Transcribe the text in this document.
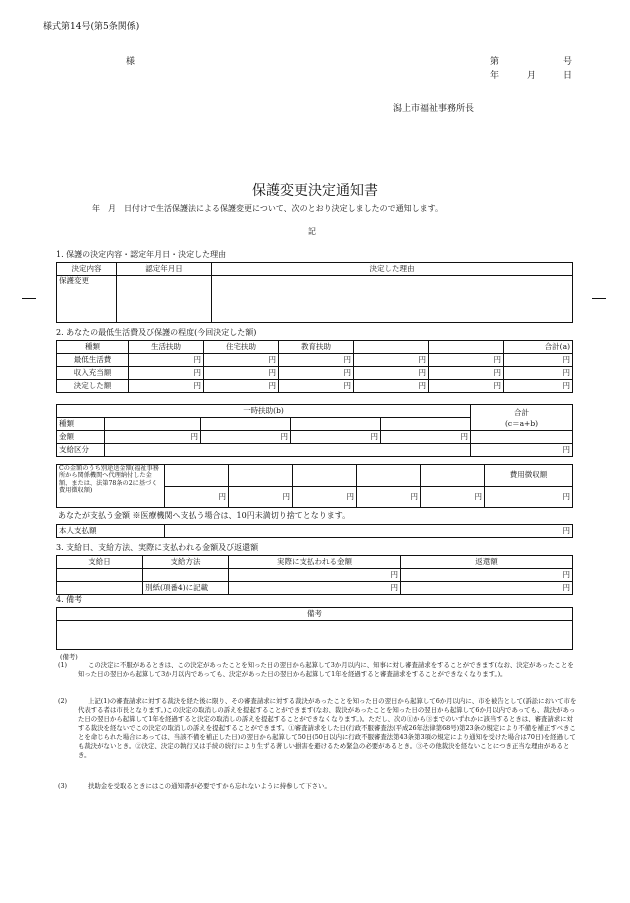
様式第14号(第5条関係)
様	第	号
年	月	日
潟上市福祉事務所長
保護変更決定通知書
年　月　日付けで生活保護法による保護変更について、次のとおり決定しましたので通知します。
記
1. 保護の決定内容・認定年月日・決定した理由
決定内容	認定年月日	決定した理由
保護変更		
2. あなたの最低生活費及び保護の程度(今回決定した額)
種類	生活扶助	住宅扶助	教育扶助			合計(a)
最低生活費	円	円	円	円	円	円
収入充当額	円	円	円	円	円	円
決定した額	円	円	円	円	円	円
一時扶助(b)					合計
(c＝a+b)
種類					
金額	円	円	円	円	
支給区分					円
Cの金額のうち別途送金額(福祉事務所から関係機関へ代理納付した金額、または、法第78条の2に基づく費用徴収額)						費用徴収額
	円	円	円	円	円	円
あなたが支払う金額 ※医療機関へ支払う場合は、10円未満切り捨てとなります。
本人支払額	円
3. 支給日、支給方法、実際に支払われる金額及び返還額
支給日	支給方法	実際に支払われる金額	返還額
		円	円
	別紙(項番4)に記載	円	円
4. 備考
備考

(備考)
(1)	この決定に不服があるときは、この決定があったことを知った日の翌日から起算して3か月以内に、知事に対し審査請求をすることができます(なお、決定があったことを知った日の翌日から起算して3か月以内であっても、決定があった日の翌日から起算して1年を経過すると審査請求をすることができなくなります。)。
(2)	上記(1)の審査請求に対する裁決を経た後に限り、その審査請求に対する裁決があったことを知った日の翌日から起算して6か月以内に、市を被告として(訴訟において市を代表する者は市長となります。)この決定の取消しの訴えを提起することができます(なお、裁決があったことを知った日の翌日から起算して6か月以内であっても、裁決があった日の翌日から起算して1年を経過すると決定の取消しの訴えを提起することができなくなります。)。ただし、次の①から③までのいずれかに該当するときは、審査請求に対する裁決を経ないでこの決定の取消しの訴えを提起することができます。①審査請求をした日(行政不服審査法(平成26年法律第68号)第23条の規定により不備を補正すべきことを命じられた場合にあっては、当該不備を補正した日)の翌日から起算して50日(50日以内に行政不服審査法第43条第3項の規定により通知を受けた場合は70日)を経過しても裁決がないとき。②決定、決定の執行又は手続の続行により生ずる著しい損害を避けるため緊急の必要があるとき。③その他裁決を経ないことにつき正当な理由があるとき。
(3)	扶助金を受取るときにはこの通知書が必要ですから忘れないように持参して下さい。
